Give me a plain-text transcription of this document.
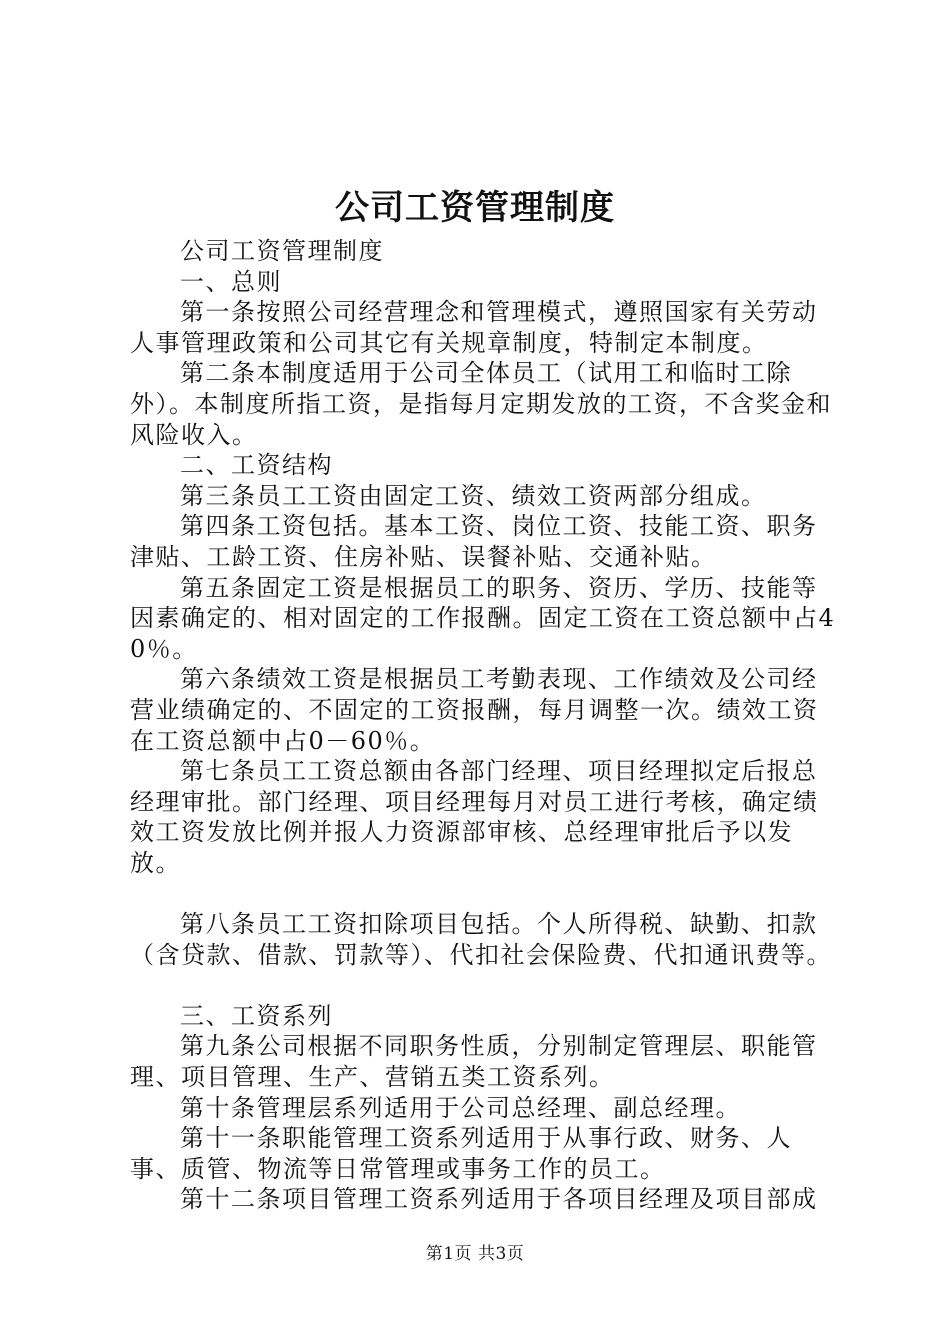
公司工资管理制度

公司工资管理制度

一、总则

第一条按照公司经营理念和管理模式，遵照国家有关劳动人事管理政策和公司其它有关规章制度，特制定本制度。

第二条本制度适用于公司全体员工（试用工和临时工除外）。本制度所指工资，是指每月定期发放的工资，不含奖金和风险收入。

二、工资结构

第三条员工工资由固定工资、绩效工资两部分组成。

第四条工资包括。基本工资、岗位工资、技能工资、职务津贴、工龄工资、住房补贴、误餐补贴、交通补贴。

第五条固定工资是根据员工的职务、资历、学历、技能等因素确定的、相对固定的工作报酬。固定工资在工资总额中占40％。

第六条绩效工资是根据员工考勤表现、工作绩效及公司经营业绩确定的、不固定的工资报酬，每月调整一次。绩效工资在工资总额中占0－60％。

第七条员工工资总额由各部门经理、项目经理拟定后报总经理审批。部门经理、项目经理每月对员工进行考核，确定绩效工资发放比例并报人力资源部审核、总经理审批后予以发放。

第八条员工工资扣除项目包括。个人所得税、缺勤、扣款（含贷款、借款、罚款等）、代扣社会保险费、代扣通讯费等。

三、工资系列

第九条公司根据不同职务性质，分别制定管理层、职能管理、项目管理、生产、营销五类工资系列。

第十条管理层系列适用于公司总经理、副总经理。

第十一条职能管理工资系列适用于从事行政、财务、人事、质管、物流等日常管理或事务工作的员工。

第十二条项目管理工资系列适用于各项目经理及项目部成

第1页 共3页
